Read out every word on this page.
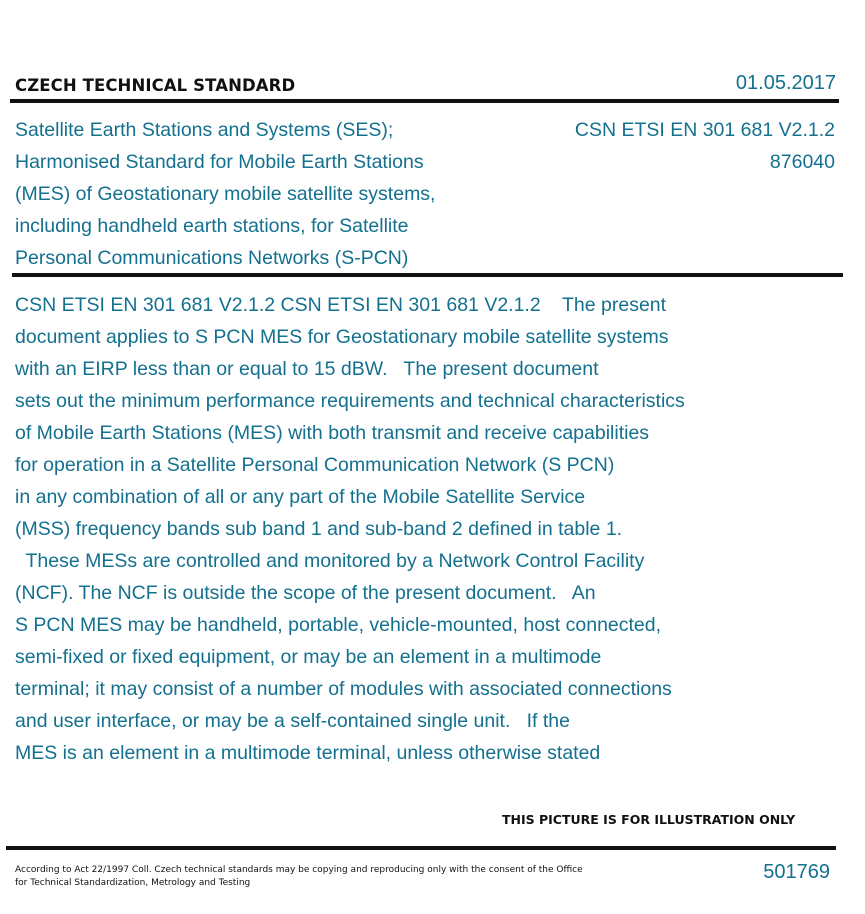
CZECH TECHNICAL STANDARD	01.05.2017
Satellite Earth Stations and Systems (SES);
Harmonised Standard for Mobile Earth Stations
(MES) of Geostationary mobile satellite systems,
including handheld earth stations, for Satellite
Personal Communications Networks (S-PCN)
CSN ETSI EN 301 681 V2.1.2
876040
CSN ETSI EN 301 681 V2.1.2 CSN ETSI EN 301 681 V2.1.2    The present
document applies to S PCN MES for Geostationary mobile satellite systems
with an EIRP less than or equal to 15 dBW.   The present document
sets out the minimum performance requirements and technical characteristics
of Mobile Earth Stations (MES) with both transmit and receive capabilities
for operation in a Satellite Personal Communication Network (S PCN)
in any combination of all or any part of the Mobile Satellite Service
(MSS) frequency bands sub band 1 and sub-band 2 defined in table 1.
These MESs are controlled and monitored by a Network Control Facility
(NCF). The NCF is outside the scope of the present document.   An
S PCN MES may be handheld, portable, vehicle-mounted, host connected,
semi-fixed or fixed equipment, or may be an element in a multimode
terminal; it may consist of a number of modules with associated connections
and user interface, or may be a self-contained single unit.   If the
MES is an element in a multimode terminal, unless otherwise stated
THIS PICTURE IS FOR ILLUSTRATION ONLY
According to Act 22/1997 Coll. Czech technical standards may be copying and reproducing only with the consent of the Office
for Technical Standardization, Metrology and Testing	501769
